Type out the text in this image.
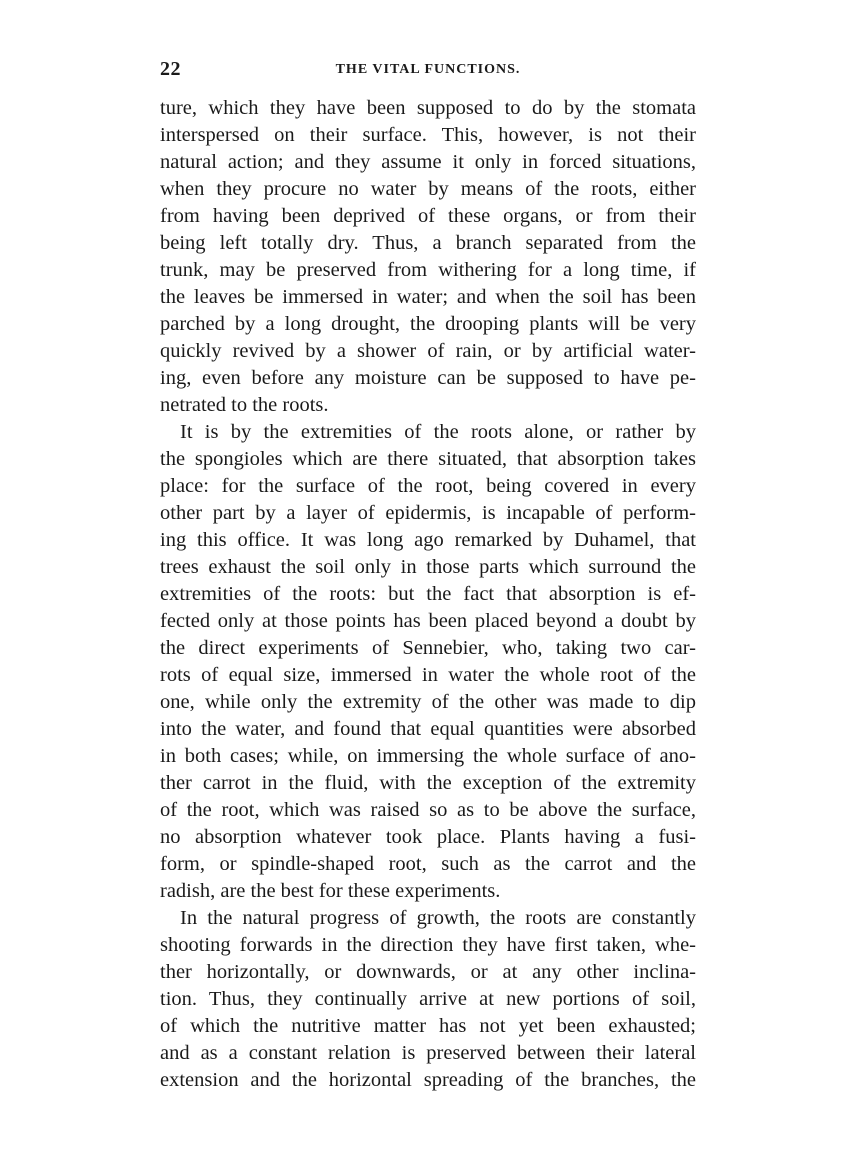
22	THE VITAL FUNCTIONS.
ture, which they have been supposed to do by the stomata
interspersed on their surface. This, however, is not their
natural action; and they assume it only in forced situations,
when they procure no water by means of the roots, either
from having been deprived of these organs, or from their
being left totally dry. Thus, a branch separated from the
trunk, may be preserved from withering for a long time, if
the leaves be immersed in water; and when the soil has been
parched by a long drought, the drooping plants will be very
quickly revived by a shower of rain, or by artificial water-
ing, even before any moisture can be supposed to have pe-
netrated to the roots.
It is by the extremities of the roots alone, or rather by
the spongioles which are there situated, that absorption takes
place: for the surface of the root, being covered in every
other part by a layer of epidermis, is incapable of perform-
ing this office. It was long ago remarked by Duhamel, that
trees exhaust the soil only in those parts which surround the
extremities of the roots: but the fact that absorption is ef-
fected only at those points has been placed beyond a doubt by
the direct experiments of Sennebier, who, taking two car-
rots of equal size, immersed in water the whole root of the
one, while only the extremity of the other was made to dip
into the water, and found that equal quantities were absorbed
in both cases; while, on immersing the whole surface of ano-
ther carrot in the fluid, with the exception of the extremity
of the root, which was raised so as to be above the surface,
no absorption whatever took place. Plants having a fusi-
form, or spindle-shaped root, such as the carrot and the
radish, are the best for these experiments.
In the natural progress of growth, the roots are constantly
shooting forwards in the direction they have first taken, whe-
ther horizontally, or downwards, or at any other inclina-
tion. Thus, they continually arrive at new portions of soil,
of which the nutritive matter has not yet been exhausted;
and as a constant relation is preserved between their lateral
extension and the horizontal spreading of the branches, the
